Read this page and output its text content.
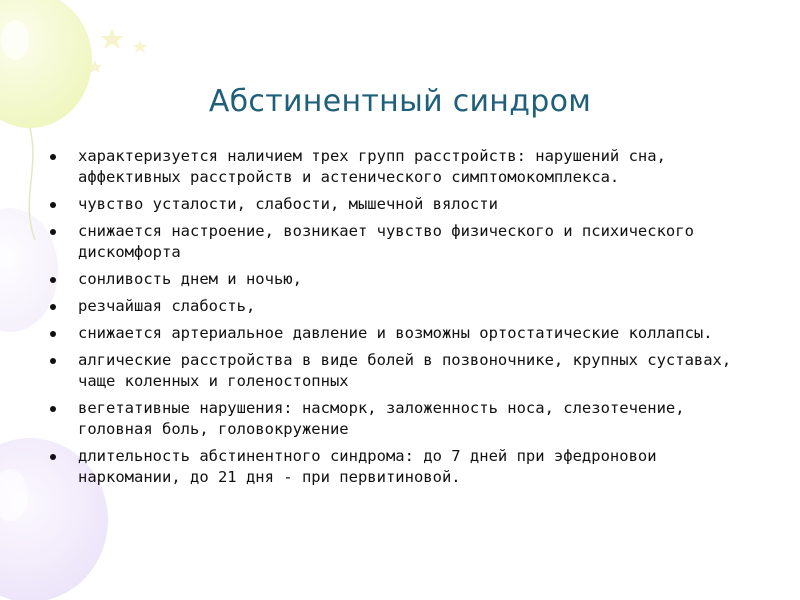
Абстинентный синдром
характеризуется наличием трех групп расстройств: нарушений сна, аффективных расстройств и астенического симптомокомплекса.
чувство усталости, слабости, мышечной вялости
снижается настроение, возникает чувство физического и психического дискомфорта
сонливость днем и ночью,
резчайшая слабость,
снижается артериальное давление и возможны ортостатические коллапсы.
алгические расстройства в виде болей в позвоночнике, крупных суставах, чаще коленных и голеностопных
вегетативные нарушения: насморк, заложенность носа, слезотечение, головная боль, головокружение
длительность абстинентного синдрома: до 7 дней при эфедроновои наркомании, до 21 дня - при первитиновой.
